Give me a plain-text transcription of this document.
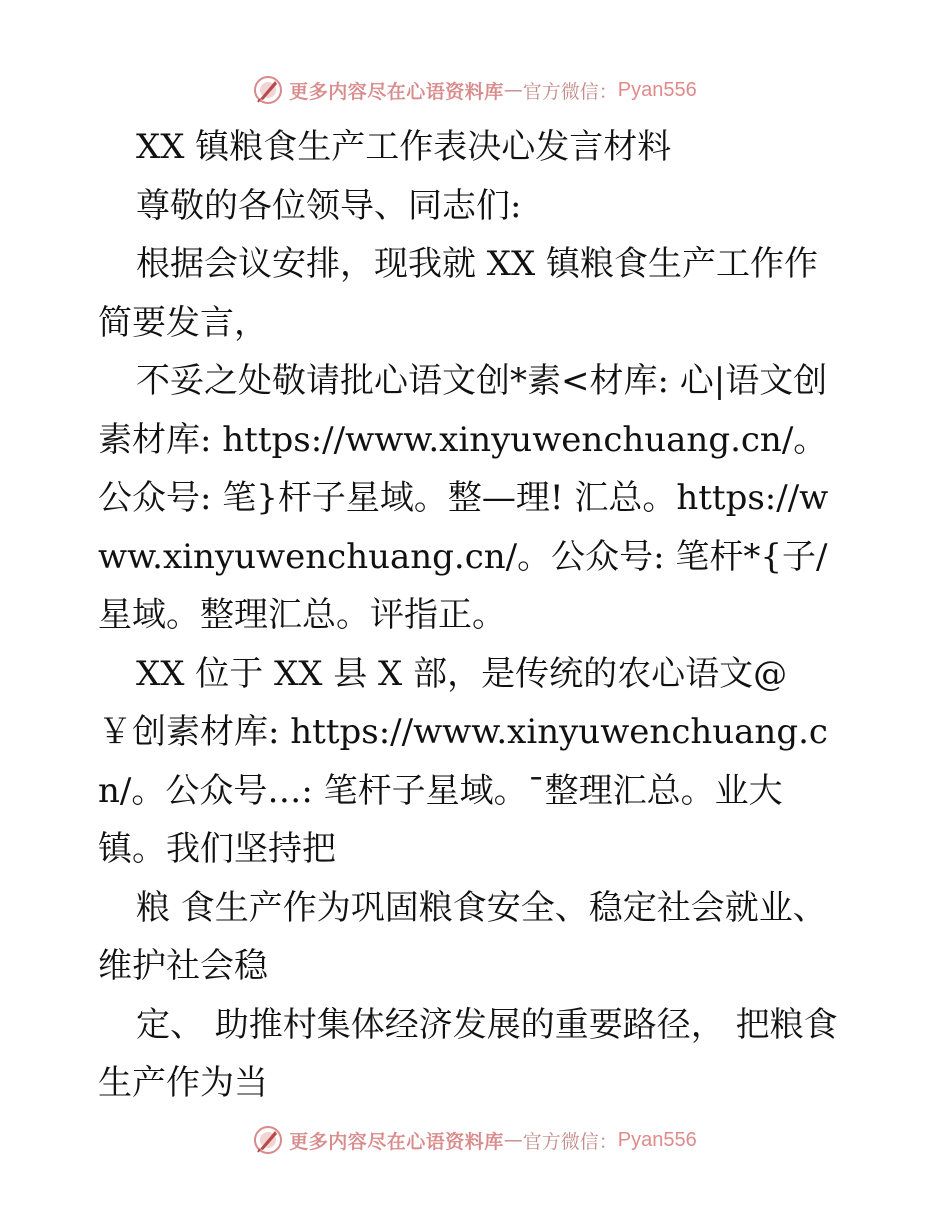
更多内容尽在心语资料库 — 官方微信： Pyan556

XX 镇粮食生产工作表决心发言材料

尊敬的各位领导、同志们:

根据会议安排，现我就 XX 镇粮食生产工作作简要发言，

不妥之处敬请批心语文创*素<材库: 心|语文创素材库: https://www.xinyuwenchuang.cn/。公众号: 笔}杆子星域。整—理! 汇总。https://www.xinyuwenchuang.cn/。公众号: 笔杆*{子/星域。整理汇总。评指正。

XX 位于 XX 县 X 部，是传统的农心语文@￥创素材库: https://www.xinyuwenchuang.cn/。公众号…: 笔杆子星域。¯整理汇总。业大镇。我们坚持把

粮 食生产作为巩固粮食安全、稳定社会就业、维护社会稳

定、 助推村集体经济发展的重要路径， 把粮食生产作为当

更多内容尽在心语资料库 — 官方微信： Pyan556
